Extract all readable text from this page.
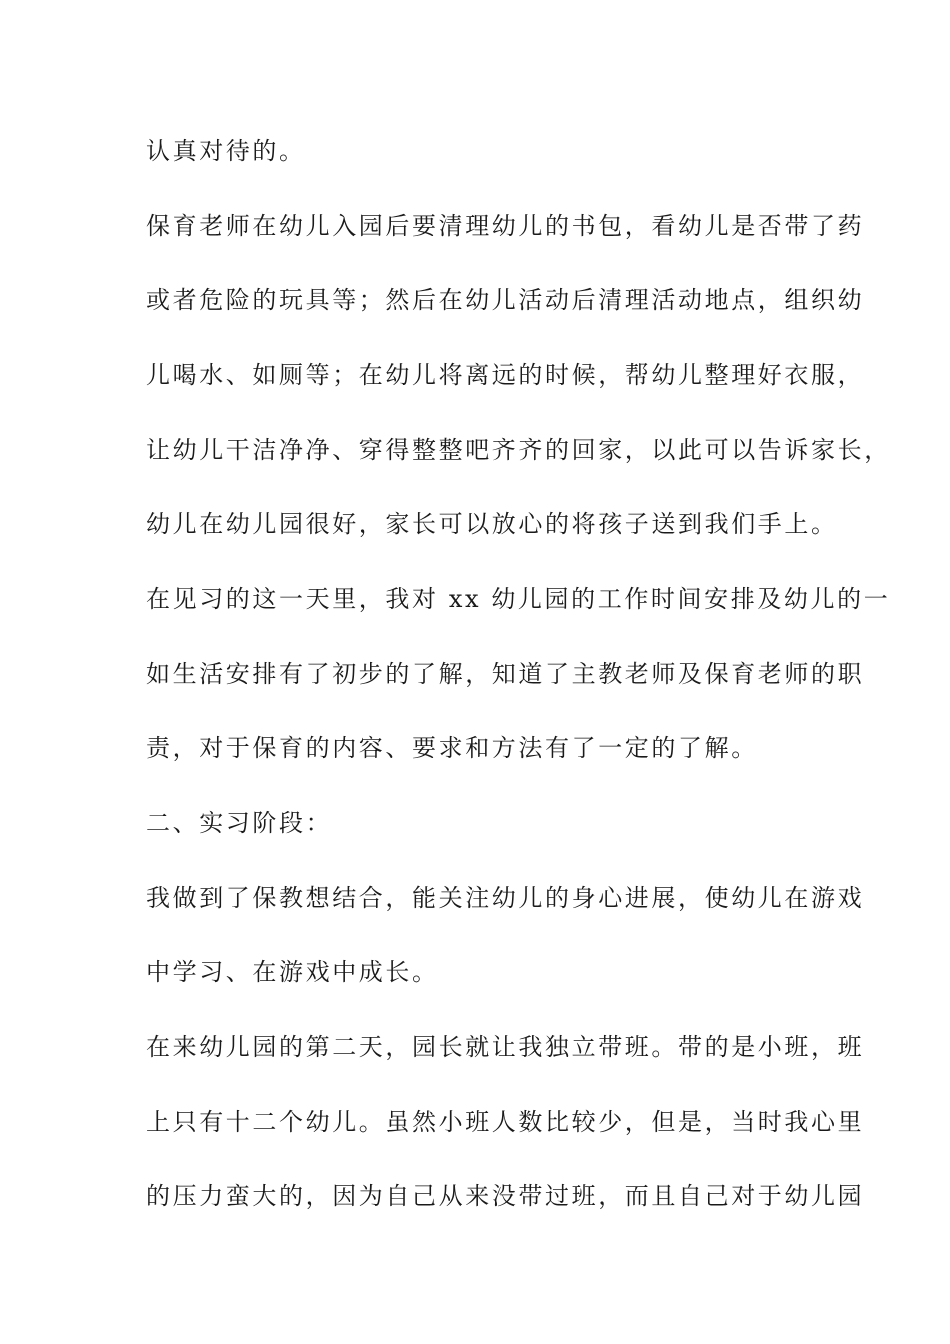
认真对待的。
保育老师在幼儿入园后要清理幼儿的书包，看幼儿是否带了药
或者危险的玩具等；然后在幼儿活动后清理活动地点，组织幼
儿喝水、如厕等；在幼儿将离远的时候，帮幼儿整理好衣服，
让幼儿干洁净净、穿得整整吧齐齐的回家，以此可以告诉家长，
幼儿在幼儿园很好，家长可以放心的将孩子送到我们手上。
在见习的这一天里，我对 xx 幼儿园的工作时间安排及幼儿的一
如生活安排有了初步的了解，知道了主教老师及保育老师的职
责，对于保育的内容、要求和方法有了一定的了解。
二、实习阶段：
我做到了保教想结合，能关注幼儿的身心进展，使幼儿在游戏
中学习、在游戏中成长。
在来幼儿园的第二天，园长就让我独立带班。带的是小班，班
上只有十二个幼儿。虽然小班人数比较少，但是，当时我心里
的压力蛮大的，因为自己从来没带过班，而且自己对于幼儿园
